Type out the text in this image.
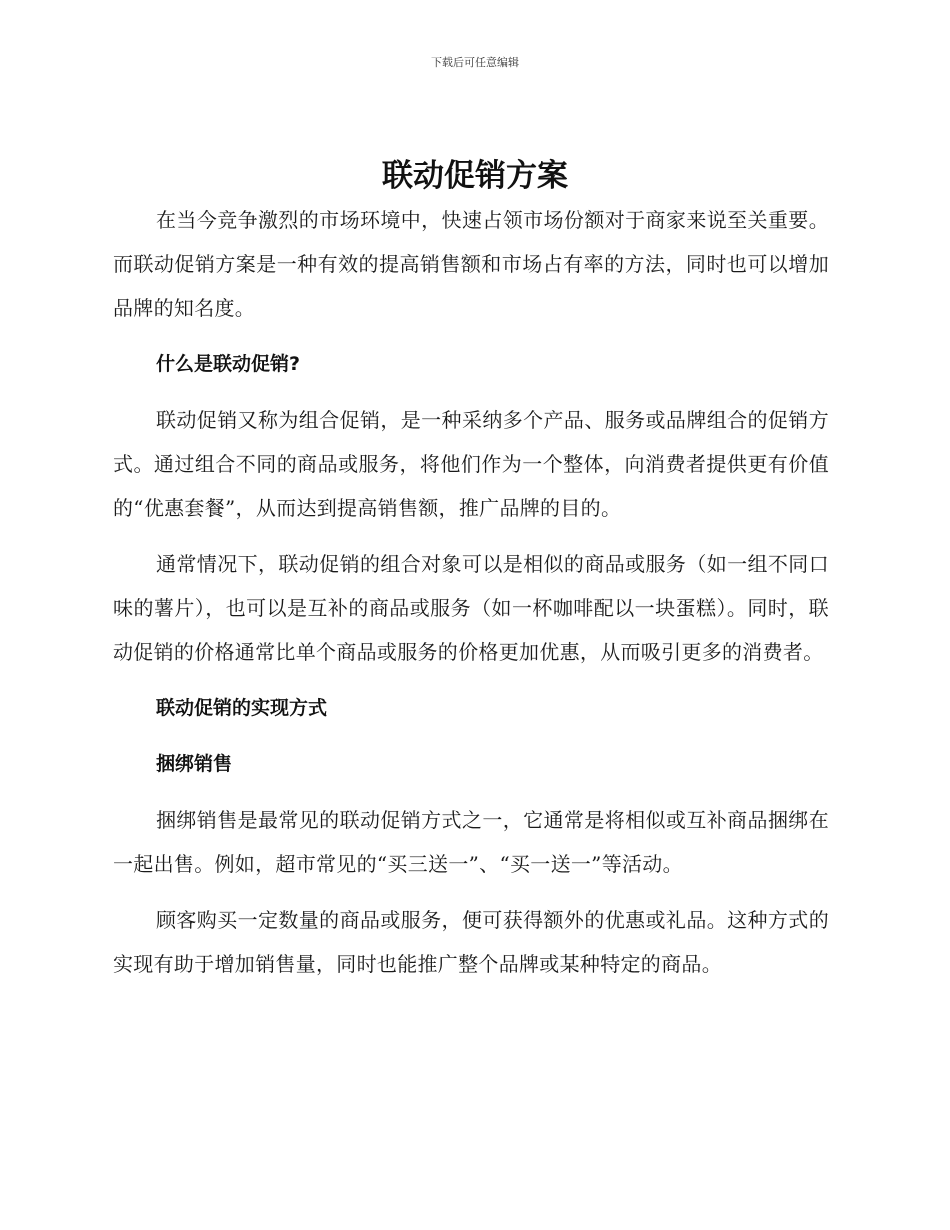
下载后可任意编辑
联动促销方案

在当今竞争激烈的市场环境中，快速占领市场份额对于商家来说至关重要。而联动促销方案是一种有效的提高销售额和市场占有率的方法，同时也可以增加品牌的知名度。

什么是联动促销?

联动促销又称为组合促销，是一种采纳多个产品、服务或品牌组合的促销方式。通过组合不同的商品或服务，将他们作为一个整体，向消费者提供更有价值的“优惠套餐”，从而达到提高销售额，推广品牌的目的。

通常情况下，联动促销的组合对象可以是相似的商品或服务（如一组不同口味的薯片），也可以是互补的商品或服务（如一杯咖啡配以一块蛋糕）。同时，联动促销的价格通常比单个商品或服务的价格更加优惠，从而吸引更多的消费者。

联动促销的实现方式
捆绑销售

捆绑销售是最常见的联动促销方式之一，它通常是将相似或互补商品捆绑在一起出售。例如，超市常见的“买三送一”、“买一送一”等活动。

顾客购买一定数量的商品或服务，便可获得额外的优惠或礼品。这种方式的实现有助于增加销售量，同时也能推广整个品牌或某种特定的商品。
